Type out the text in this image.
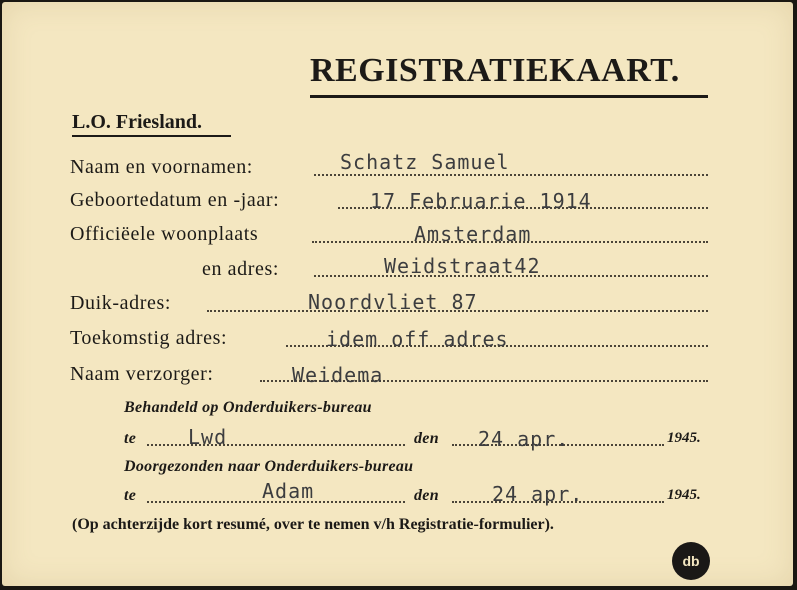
REGISTRATIEKAART.
L.O. Friesland.
Naam en voornamen:	Schatz Samuel
Geboortedatum en -jaar:	17 Februarie 1914
Officiëele woonplaats	Amsterdam
en adres:	Weidstraat42
Duik-adres:	Noordvliet 87
Toekomstig adres:	idem off adres
Naam verzorger:	Weidema
Behandeld op Onderduikers-bureau
te	Lwd	den 24 apr.	1945.
Doorgezonden naar Onderduikers-bureau
te	Adam	den	24 apr.	1945.
(Op achterzijde kort resumé, over te nemen v/h Registratie-formulier).
db
